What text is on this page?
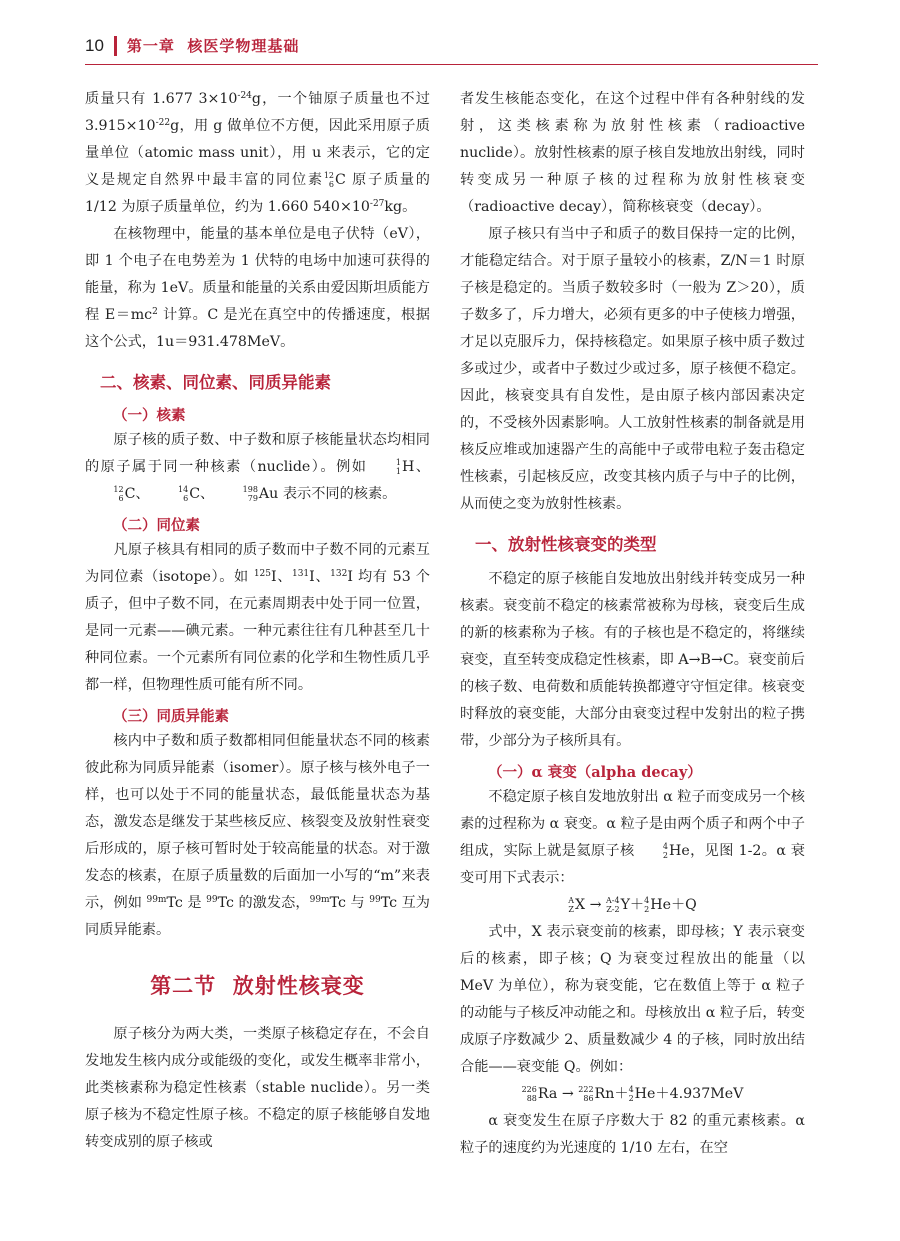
10 第一章  核医学物理基础

质量只有 1.677 $3\times 10^{-24}g$，一个铀原子质量也不过$3.915\times 10^{-22}g$，用 g 做单位不方便，因此采用原子质量单位（atomic mass unit），用 u 来表示，它的定义是规定自然界中最丰富的同位素 12
6 C 原子质量的 1/12 为原子质量单位，约为 1.660 $540\times 10^{-27}kg$。

在核物理中，能量的基本单位是电子伏特（eV），即 1 个电子在电势差为 1 伏特的电场中加速可获得的能量，称为 1eV。质量和能量的关系由爱因斯坦质能方程 $E=mc^2$ 计算。C 是光在真空中的传播速度，根据这个公式，1u＝931.478MeV。

二、核素、同位素、同质异能素
（一）核素

原子核的质子数、中子数和原子核能量状态均相同的原子属于同一种核素（nuclide）。例如	1
1 H、
12
6 C、	14
6 C、	198
79 Au 表示不同的核素。

（二）同位素

凡原子核具有相同的质子数而中子数不同的元素互为同位素（isotope）。如 $^{125}$I、$^{131}$I、$^{132}$I 均有 53 个质子，但中子数不同，在元素周期表中处于同一位置，是同一元素——碘元素。一种元素往往有几种甚至几十种同位素。一个元素所有同位素的化学和生物性质几乎都一样，但物理性质可能有所不同。

（三）同质异能素

核内中子数和质子数都相同但能量状态不同的核素彼此称为同质异能素（isomer）。原子核与核外电子一样，也可以处于不同的能量状态，最低能量状态为基态，激发态是继发于某些核反应、核裂变及放射性衰变后形成的，原子核可暂时处于较高能量的状态。对于激发态的核素，在原子质量数的后面加一小写的“m”来表示，例如 $^{99m}$Tc 是 $^{99}$Tc 的激发态，$^{99m}$Tc 与 $^{99}$Tc 互为同质异能素。

第二节  放射性核衰变

原子核分为两大类，一类原子核稳定存在，不会自发地发生核内成分或能级的变化，或发生概率非常小，此类核素称为稳定性核素（stable nuclide）。另一类原子核为不稳定性原子核。不稳定的原子核能够自发地转变成别的原子核或

者发生核能态变化，在这个过程中伴有各种射线的发射，这类核素称为放射性核素（radioactive nuclide）。放射性核素的原子核自发地放出射线，同时转变成另一种原子核的过程称为放射性核衰变（radioactive decay），简称核衰变（decay）。

原子核只有当中子和质子的数目保持一定的比例，才能稳定结合。对于原子量较小的核素，Z/N＝1 时原子核是稳定的。当质子数较多时（一般为 Z＞20），质子数多了，斥力增大，必须有更多的中子使核力增强，才足以克服斥力，保持核稳定。如果原子核中质子数过多或过少，或者中子数过少或过多，原子核便不稳定。因此，核衰变具有自发性，是由原子核内部因素决定的，不受核外因素影响。人工放射性核素的制备就是用核反应堆或加速器产生的高能中子或带电粒子轰击稳定性核素，引起核反应，改变其核内质子与中子的比例，从而使之变为放射性核素。

一、放射性核衰变的类型

不稳定的原子核能自发地放出射线并转变成另一种核素。衰变前不稳定的核素常被称为母核，衰变后生成的新的核素称为子核。有的子核也是不稳定的，将继续衰变，直至转变成稳定性核素，即 A→B→C。衰变前后的核子数、电荷数和质能转换都遵守守恒定律。核衰变时释放的衰变能，大部分由衰变过程中发射出的粒子携带，少部分为子核所具有。

（一）α 衰变（alpha decay）

不稳定原子核自发地放射出 α 粒子而变成另一个核素的过程称为 α 衰变。α 粒子是由两个质子和两个中子组成，实际上就是氦原子核	4
2 He，见图 1-2。α 衰变可用下式表示：

A
Z X → A-4
Z-2 Y＋ 4
2 He＋Q

式中，X 表示衰变前的核素，即母核；Y 表示衰变后的核素，即子核；Q 为衰变过程放出的能量（以 MeV 为单位），称为衰变能，它在数值上等于 α 粒子的动能与子核反冲动能之和。母核放出 α 粒子后，转变成原子序数减少 2、质量数减少 4 的子核，同时放出结合能——衰变能 Q。例如：

226
88 Ra → 222
86 Rn＋ 4
2 He＋4.937MeV

α 衰变发生在原子序数大于 82 的重元素核素。α 粒子的速度约为光速度的 1/10 左右，在空
